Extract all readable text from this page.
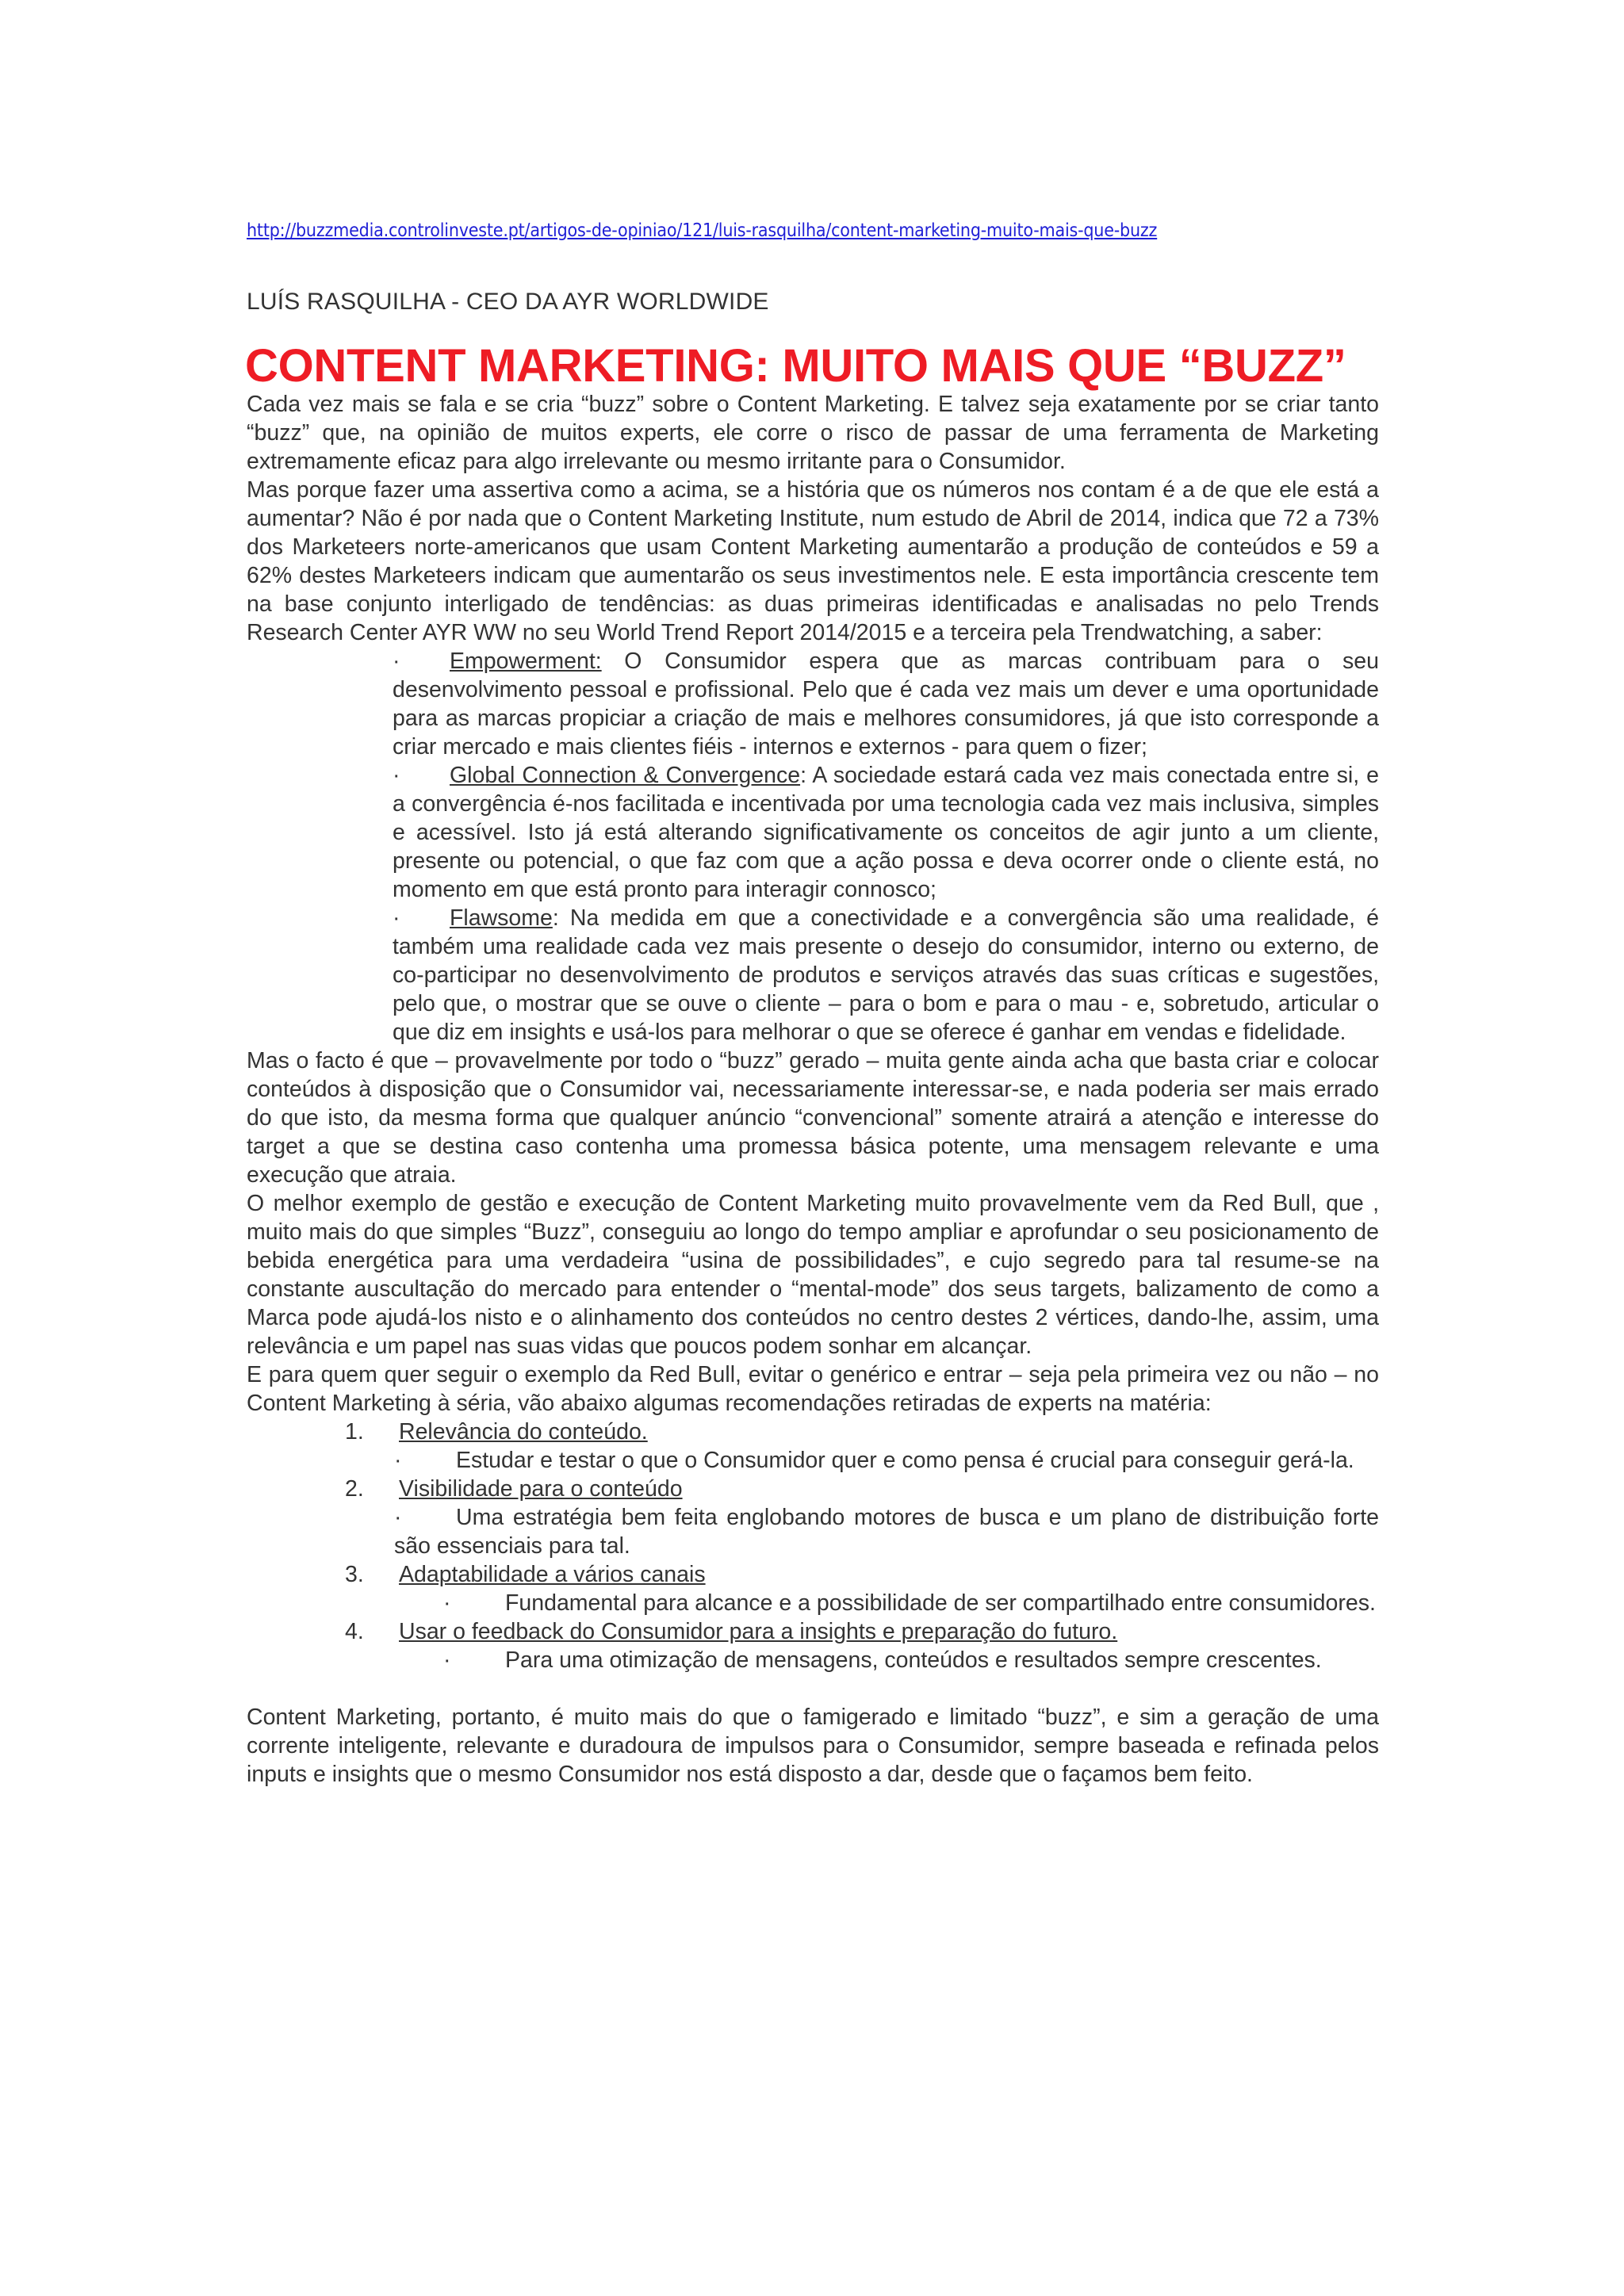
http://buzzmedia.controlinveste.pt/artigos-de-opiniao/121/luis-rasquilha/content-marketing-muito-mais-que-buzz
LUÍS RASQUILHA - CEO DA AYR WORLDWIDE
CONTENT MARKETING: MUITO MAIS QUE “BUZZ”

Cada vez mais se fala e se cria “buzz” sobre o Content Marketing. E talvez seja exatamente por se criar tanto “buzz” que, na opinião de muitos experts, ele corre o risco de passar de uma ferramenta de Marketing extremamente eficaz para algo irrelevante ou mesmo irritante para o Consumidor.

Mas porque fazer uma assertiva como a acima, se a história que os números nos contam é a de que ele está a aumentar? Não é por nada que o Content Marketing Institute, num estudo de Abril de 2014, indica que 72 a 73% dos Marketeers norte-americanos que usam Content Marketing aumentarão a produção de conteúdos e 59 a 62% destes Marketeers indicam que aumentarão os seus investimentos nele. E esta importância crescente tem na base conjunto interligado de tendências: as duas primeiras identificadas e analisadas no pelo Trends Research Center AYR WW no seu World Trend Report 2014/2015 e a terceira pela Trendwatching, a saber:

· Empowerment: O Consumidor espera que as marcas contribuam para o seu desenvolvimento pessoal e profissional. Pelo que é cada vez mais um dever e uma oportunidade para as marcas propiciar a criação de mais e melhores consumidores, já que isto corresponde a criar mercado e mais clientes fiéis - internos e externos - para quem o fizer;
· Global Connection & Convergence: A sociedade estará cada vez mais conectada entre si, e a convergência é-nos facilitada e incentivada por uma tecnologia cada vez mais inclusiva, simples e acessível. Isto já está alterando significativamente os conceitos de agir junto a um cliente, presente ou potencial, o que faz com que a ação possa e deva ocorrer onde o cliente está, no momento em que está pronto para interagir connosco;
· Flawsome: Na medida em que a conectividade e a convergência são uma realidade, é também uma realidade cada vez mais presente o desejo do consumidor, interno ou externo, de co-participar no desenvolvimento de produtos e serviços através das suas críticas e sugestões, pelo que, o mostrar que se ouve o cliente – para o bom e para o mau - e, sobretudo, articular o que diz em insights e usá-los para melhorar o que se oferece é ganhar em vendas e fidelidade.

Mas o facto é que – provavelmente por todo o “buzz” gerado – muita gente ainda acha que basta criar e colocar conteúdos à disposição que o Consumidor vai, necessariamente interessar-se, e nada poderia ser mais errado do que isto, da mesma forma que qualquer anúncio “convencional” somente atrairá a atenção e interesse do target a que se destina caso contenha uma promessa básica potente, uma mensagem relevante e uma execução que atraia.

O melhor exemplo de gestão e execução de Content Marketing muito provavelmente vem da Red Bull, que , muito mais do que simples “Buzz”, conseguiu ao longo do tempo ampliar e aprofundar o seu posicionamento de bebida energética para uma verdadeira “usina de possibilidades”, e cujo segredo para tal resume-se na constante auscultação do mercado para entender o “mental-mode” dos seus targets, balizamento de como a Marca pode ajudá-los nisto e o alinhamento dos conteúdos no centro destes 2 vértices, dando-lhe, assim, uma relevância e um papel nas suas vidas que poucos podem sonhar em alcançar.

E para quem quer seguir o exemplo da Red Bull, evitar o genérico e entrar – seja pela primeira vez ou não – no Content Marketing à séria, vão abaixo algumas recomendações retiradas de experts na matéria:

1. Relevância do conteúdo.
· Estudar e testar o que o Consumidor quer e como pensa é crucial para conseguir gerá-la.
2. Visibilidade para o conteúdo
· Uma estratégia bem feita englobando motores de busca e um plano de distribuição forte são essenciais para tal.
3. Adaptabilidade a vários canais
· Fundamental para alcance e a possibilidade de ser compartilhado entre consumidores.
4. Usar o feedback do Consumidor para a insights e preparação do futuro.
· Para uma otimização de mensagens, conteúdos e resultados sempre crescentes.

Content Marketing, portanto, é muito mais do que o famigerado e limitado “buzz”, e sim a geração de uma corrente inteligente, relevante e duradoura de impulsos para o Consumidor, sempre baseada e refinada pelos inputs e insights que o mesmo Consumidor nos está disposto a dar, desde que o façamos bem feito.
